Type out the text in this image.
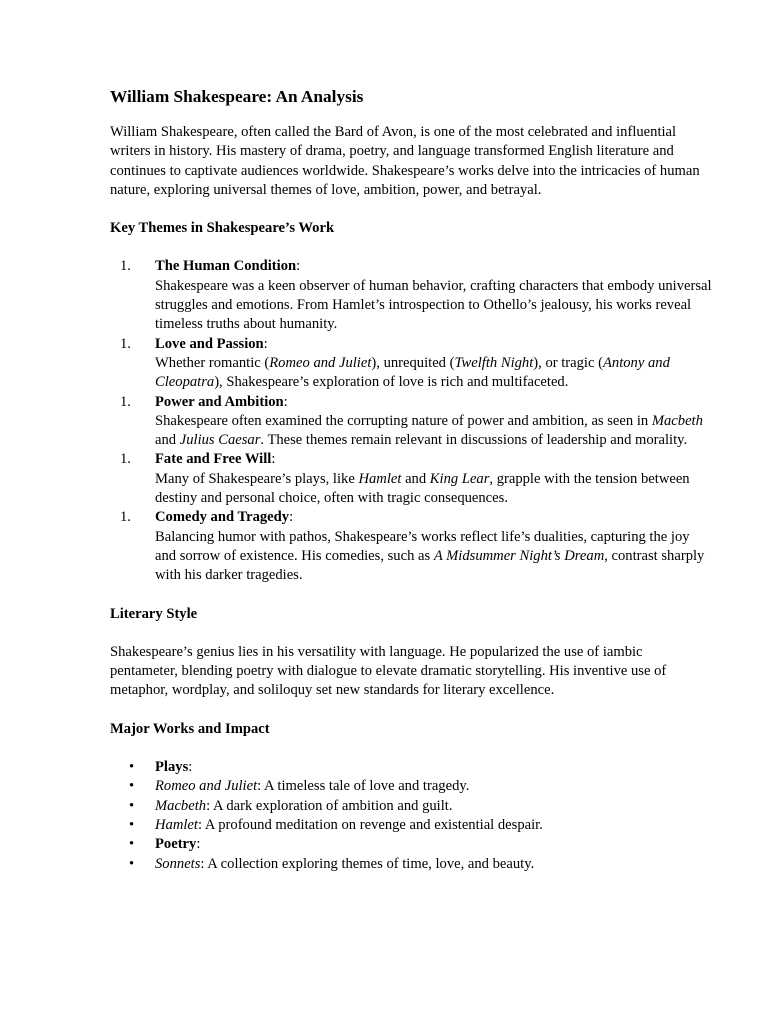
William Shakespeare: An Analysis

William Shakespeare, often called the Bard of Avon, is one of the most celebrated and influential writers in history. His mastery of drama, poetry, and language transformed English literature and continues to captivate audiences worldwide. Shakespeare’s works delve into the intricacies of human nature, exploring universal themes of love, ambition, power, and betrayal.

Key Themes in Shakespeare’s Work

1. The Human Condition:
Shakespeare was a keen observer of human behavior, crafting characters that embody universal struggles and emotions. From Hamlet’s introspection to Othello’s jealousy, his works reveal timeless truths about humanity.
1. Love and Passion:
Whether romantic (Romeo and Juliet), unrequited (Twelfth Night), or tragic (Antony and Cleopatra), Shakespeare’s exploration of love is rich and multifaceted.
1. Power and Ambition:
Shakespeare often examined the corrupting nature of power and ambition, as seen in Macbeth and Julius Caesar. These themes remain relevant in discussions of leadership and morality.
1. Fate and Free Will:
Many of Shakespeare’s plays, like Hamlet and King Lear, grapple with the tension between destiny and personal choice, often with tragic consequences.
1. Comedy and Tragedy:
Balancing humor with pathos, Shakespeare’s works reflect life’s dualities, capturing the joy and sorrow of existence. His comedies, such as A Midsummer Night’s Dream, contrast sharply with his darker tragedies.

Literary Style

Shakespeare’s genius lies in his versatility with language. He popularized the use of iambic pentameter, blending poetry with dialogue to elevate dramatic storytelling. His inventive use of metaphor, wordplay, and soliloquy set new standards for literary excellence.

Major Works and Impact

• Plays:
• Romeo and Juliet: A timeless tale of love and tragedy.
• Macbeth: A dark exploration of ambition and guilt.
• Hamlet: A profound meditation on revenge and existential despair.
• Poetry:
• Sonnets: A collection exploring themes of time, love, and beauty.
